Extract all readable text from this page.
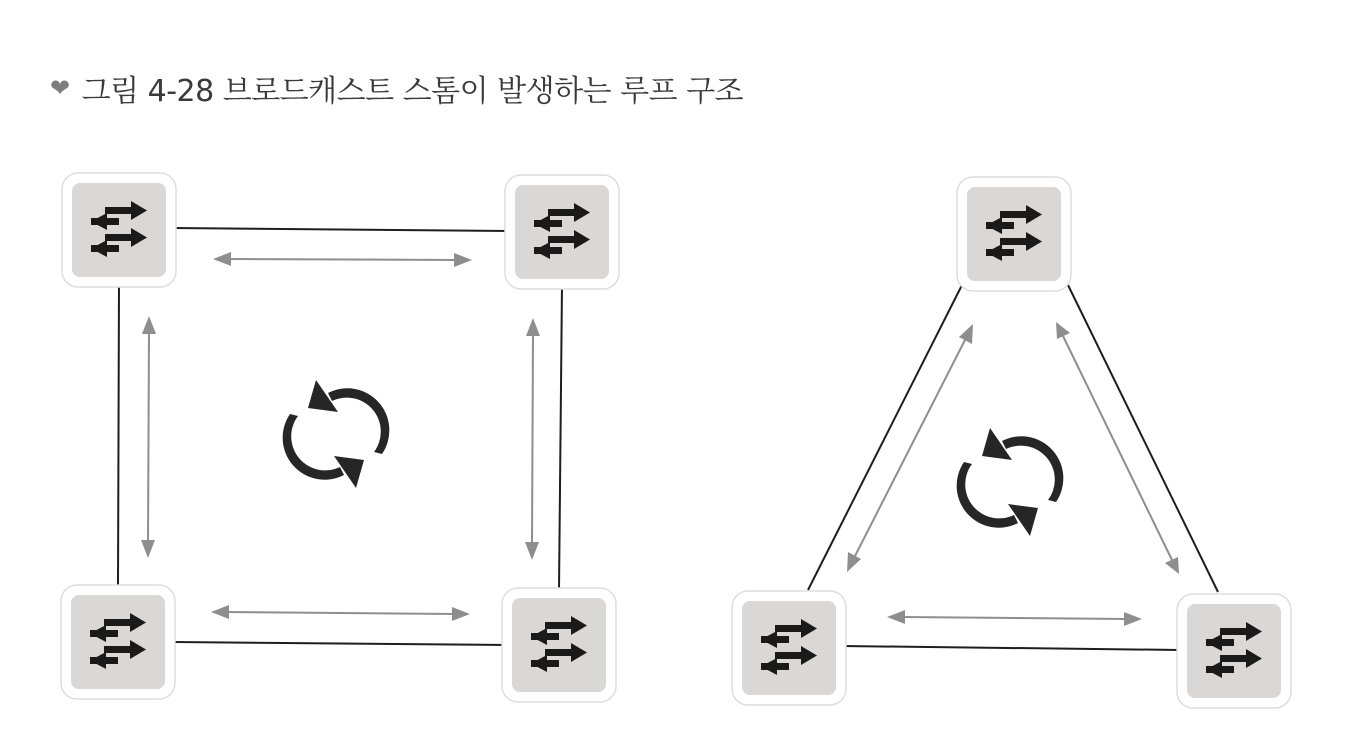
❤ 그림 4-28 브로드캐스트 스톰이 발생하는 루프 구조
